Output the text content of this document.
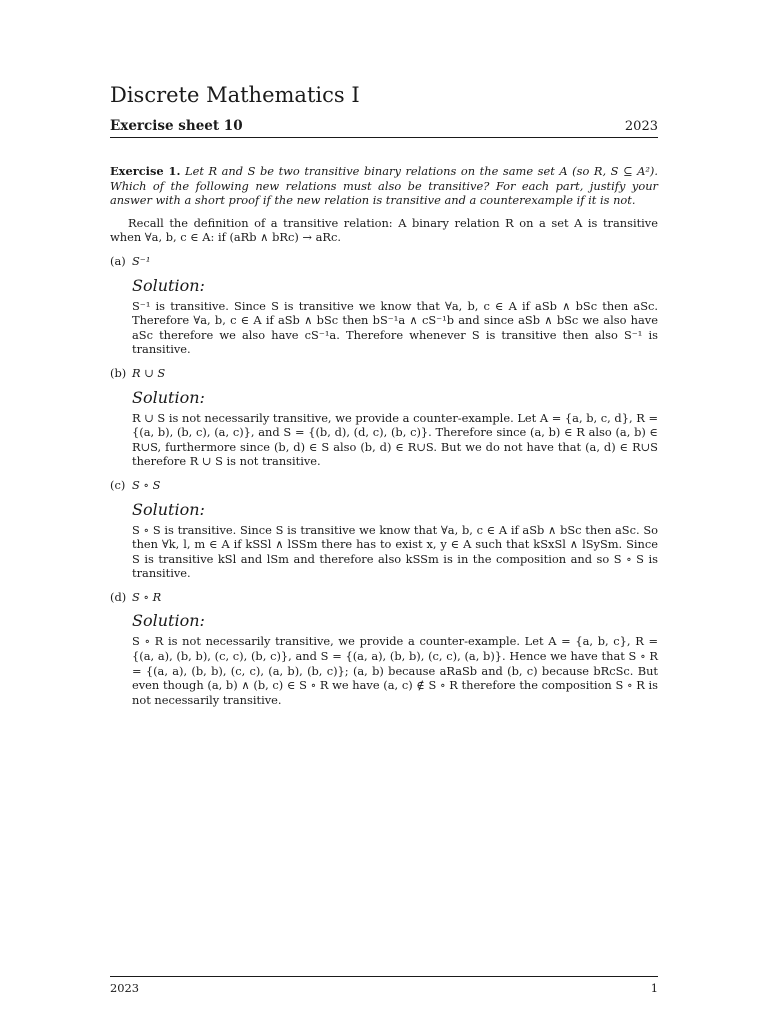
Discrete Mathematics I
Exercise sheet 10	2023

Exercise 1. Let R and S be two transitive binary relations on the same set A (so R, S ⊆ A²). Which of the following new relations must also be transitive? For each part, justify your answer with a short proof if the new relation is transitive and a counterexample if it is not.

Recall the definition of a transitive relation: A binary relation R on a set A is transitive when ∀a, b, c ∈ A: if (aRb ∧ bRc) → aRc.

(a) S⁻¹
Solution:

S⁻¹ is transitive. Since S is transitive we know that ∀a, b, c ∈ A if aSb ∧ bSc then aSc. Therefore ∀a, b, c ∈ A if aSb ∧ bSc then bS⁻¹a ∧ cS⁻¹b and since aSb ∧ bSc we also have aSc therefore we also have cS⁻¹a. Therefore whenever S is transitive then also S⁻¹ is transitive.

(b) R ∪ S
Solution:

R ∪ S is not necessarily transitive, we provide a counter-example. Let A = {a, b, c, d}, R = {(a, b), (b, c), (a, c)}, and S = {(b, d), (d, c), (b, c)}. Therefore since (a, b) ∈ R also (a, b) ∈ R∪S, furthermore since (b, d) ∈ S also (b, d) ∈ R∪S. But we do not have that (a, d) ∈ R∪S therefore R ∪ S is not transitive.

(c) S ∘ S
Solution:

S ∘ S is transitive. Since S is transitive we know that ∀a, b, c ∈ A if aSb ∧ bSc then aSc. So then ∀k, l, m ∈ A if kSSl ∧ lSSm there has to exist x, y ∈ A such that kSxSl ∧ lSySm. Since S is transitive kSl and lSm and therefore also kSSm is in the composition and so S ∘ S is transitive.

(d) S ∘ R
Solution:

S ∘ R is not necessarily transitive, we provide a counter-example. Let A = {a, b, c}, R = {(a, a), (b, b), (c, c), (b, c)}, and S = {(a, a), (b, b), (c, c), (a, b)}. Hence we have that S ∘ R = {(a, a), (b, b), (c, c), (a, b), (b, c)}; (a, b) because aRaSb and (b, c) because bRcSc. But even though (a, b) ∧ (b, c) ∈ S ∘ R we have (a, c) ∉ S ∘ R therefore the composition S ∘ R is not necessarily transitive.

2023	1
